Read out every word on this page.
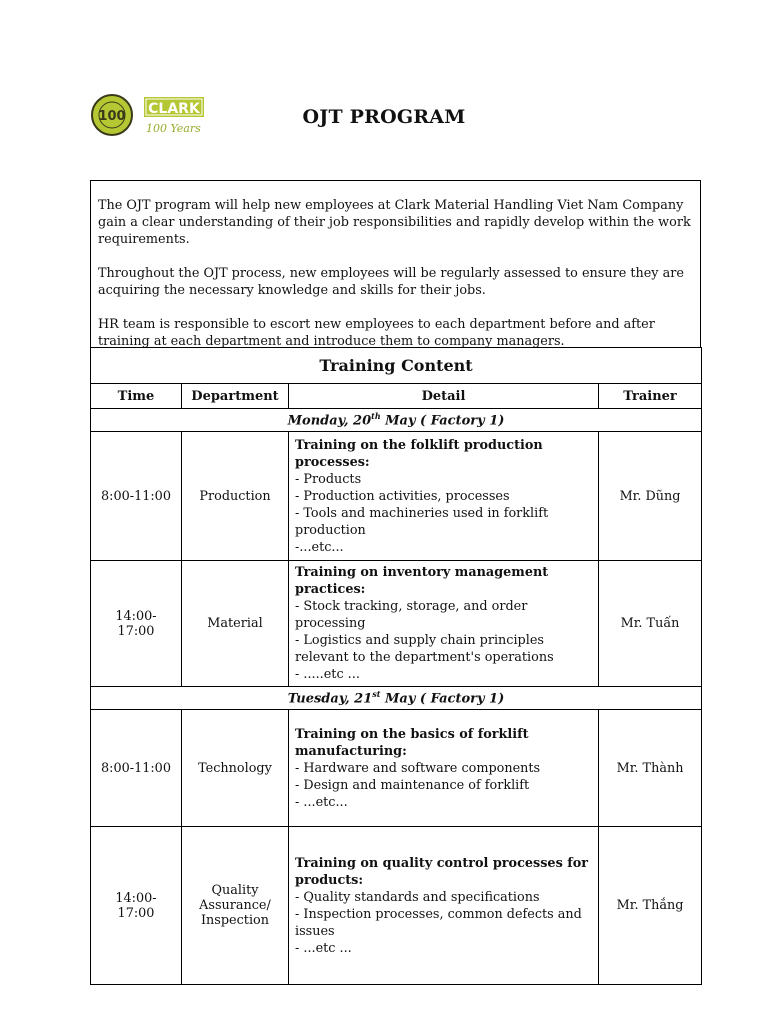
100 CLARK
100 Years
OJT PROGRAM

The OJT program will help new employees at Clark Material Handling Viet Nam Company gain a clear understanding of their job responsibilities and rapidly develop within the work requirements.

Throughout the OJT process, new employees will be regularly assessed to ensure they are acquiring the necessary knowledge and skills for their jobs.

HR team is responsible to escort new employees to each department before and after training at each department and introduce them to company managers.

Training Content			
Time	Department	Detail	Trainer
Monday, 20th May ( Factory 1)			
8:00-11:00	Production	Training on the folklift production processes:
- Products
- Production activities, processes
- Tools and machineries used in forklift production
-...etc...	Mr. Dũng
14:00-17:00	Material	Training on inventory management practices:
- Stock tracking, storage, and order processing
- Logistics and supply chain principles relevant to the department's operations
- .....etc ...	Mr. Tuấn
Tuesday, 21st May ( Factory 1)			
8:00-11:00	Technology	Training on the basics of forklift manufacturing:
- Hardware and software components
- Design and maintenance of forklift
- ...etc...	Mr. Thành
14:00-17:00	Quality Assurance/ Inspection	Training on quality control processes for products:
- Quality standards and specifications
- Inspection processes, common defects and issues
- ...etc ...	Mr. Thắng
